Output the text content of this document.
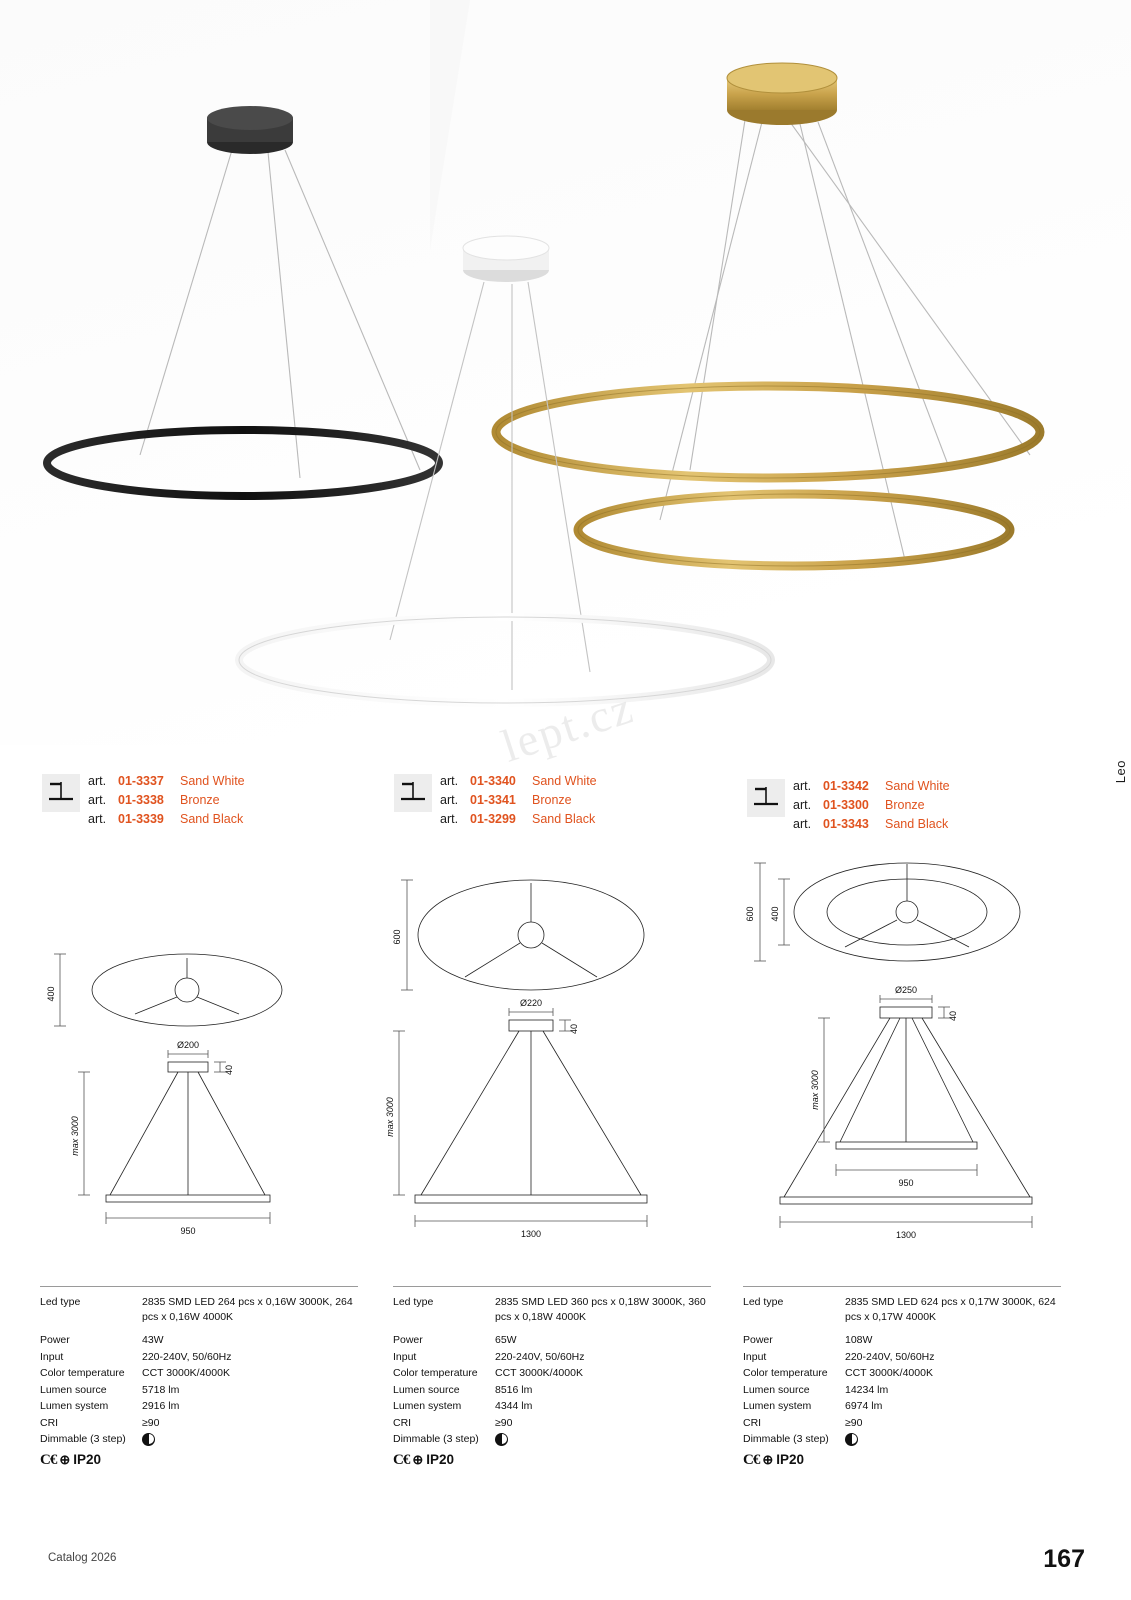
art. 01-3337	Sand White
art. 01-3338	Bronze
art. 01-3339	Sand Black
art. 01-3340	Sand White
art. 01-3341	Bronze
art. 01-3299	Sand Black
art. 01-3342	Sand White
art. 01-3300	Bronze
art. 01-3343	Sand Black
400
Ø200
40
max 3000
950
600
Ø220
40
max 3000
1300
600 400
Ø250
40
max 3000
950
1300
Led type	2835 SMD LED 264 pcs x 0,16W 3000K, 264 pcs x 0,16W 4000K
Power	43W
Input	220-240V, 50/60Hz
Color temperature	CCT 3000K/4000K
Lumen source	5718 lm
Lumen system	2916 lm
CRI	≥90
Dimmable (3 step)
C€ ⊕ IP20
Led type	2835 SMD LED 360 pcs x 0,18W 3000K, 360 pcs x 0,18W 4000K
Power	65W
Input	220-240V, 50/60Hz
Color temperature	CCT 3000K/4000K
Lumen source	8516 lm
Lumen system	4344 lm
CRI	≥90
Dimmable (3 step)
C€ ⊕ IP20
Led type	2835 SMD LED 624 pcs x 0,17W 3000K, 624 pcs x 0,17W 4000K
Power	108W
Input	220-240V, 50/60Hz
Color temperature	CCT 3000K/4000K
Lumen source	14234 lm
Lumen system	6974 lm
CRI	≥90
Dimmable (3 step)
C€ ⊕ IP20
Leo
Catalog 2026	167
